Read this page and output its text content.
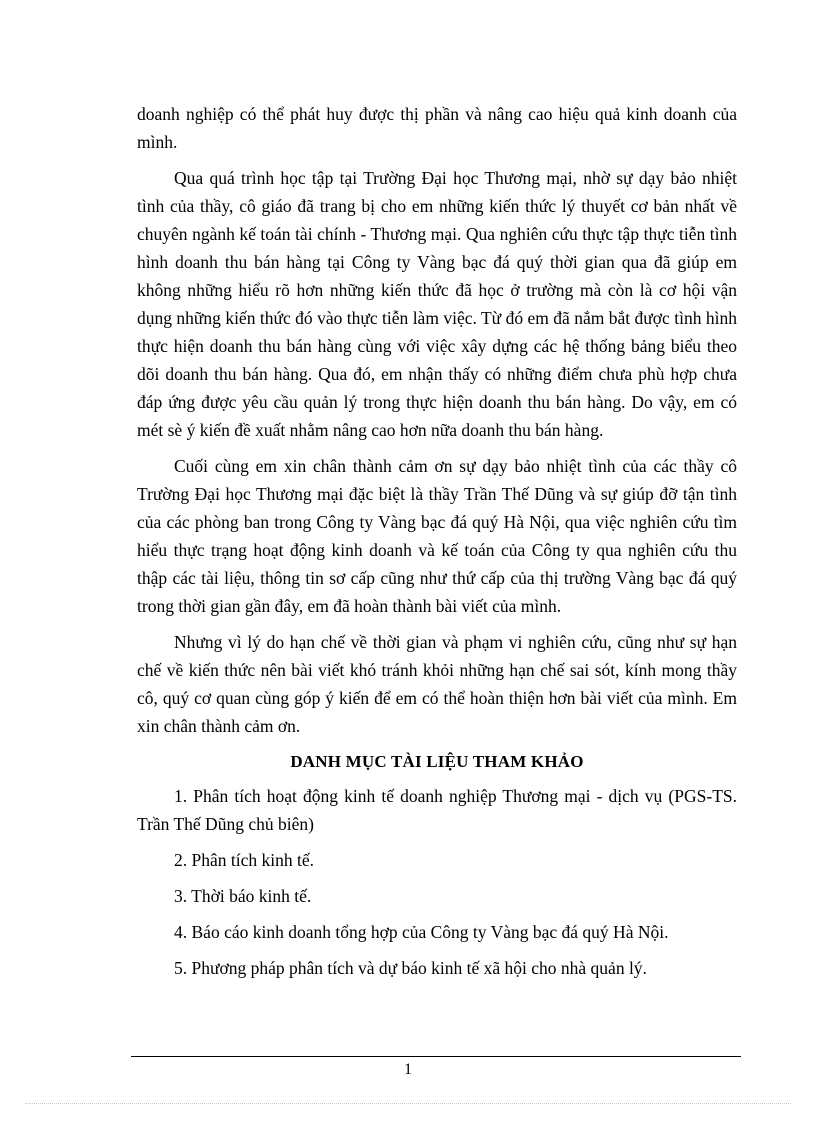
doanh nghiệp có thể phát huy được thị phần và nâng cao hiệu quả kinh doanh của mình.

Qua quá trình học tập tại Trường Đại học Thương mại, nhờ sự dạy bảo nhiệt tình của thầy, cô giáo đã trang bị cho em những kiến thức lý thuyết cơ bản nhất về chuyên ngành kế toán tài chính - Thương mại. Qua nghiên cứu thực tập thực tiễn tình hình doanh thu bán hàng tại Công ty Vàng bạc đá quý thời gian qua đã giúp em không những hiểu rõ hơn những kiến thức đã học ở trường mà còn là cơ hội vận dụng những kiến thức đó vào thực tiễn làm việc. Từ đó em đã nắm bắt được tình hình thực hiện doanh thu bán hàng cùng với việc xây dựng các hệ thống bảng biểu theo dõi doanh thu bán hàng. Qua đó, em nhận thấy có những điểm chưa phù hợp chưa đáp ứng được yêu cầu quản lý trong thực hiện doanh thu bán hàng. Do vậy, em có mét sè ý kiến đề xuất nhằm nâng cao hơn nữa doanh thu bán hàng.

Cuối cùng em xin chân thành cảm ơn sự dạy bảo nhiệt tình của các thầy cô Trường Đại học Thương mại đặc biệt là thầy Trần Thế Dũng và sự giúp đỡ tận tình của các phòng ban trong Công ty Vàng bạc đá quý Hà Nội, qua việc nghiên cứu tìm hiểu thực trạng hoạt động kinh doanh và kế toán của Công ty qua nghiên cứu thu thập các tài liệu, thông tin sơ cấp cũng như thứ cấp của thị trường Vàng bạc đá quý trong thời gian gần đây, em đã hoàn thành bài viết của mình.

Nhưng vì lý do hạn chế về thời gian và phạm vi nghiên cứu, cũng như sự hạn chế về kiến thức nên bài viết khó tránh khỏi những hạn chế sai sót, kính mong thầy cô, quý cơ quan cùng góp ý kiến để em có thể hoàn thiện hơn bài viết của mình. Em xin chân thành cảm ơn.

DANH MỤC TÀI LIỆU THAM KHẢO

1. Phân tích hoạt động kinh tế doanh nghiệp Thương mại - dịch vụ (PGS-TS. Trần Thế Dũng chủ biên)

2. Phân tích kinh tế.

3. Thời báo kinh tế.

4. Báo cáo kinh doanh tổng hợp của Công ty Vàng bạc đá quý Hà Nội.

5. Phương pháp phân tích và dự báo kinh tế xã hội cho nhà quản lý.

1
